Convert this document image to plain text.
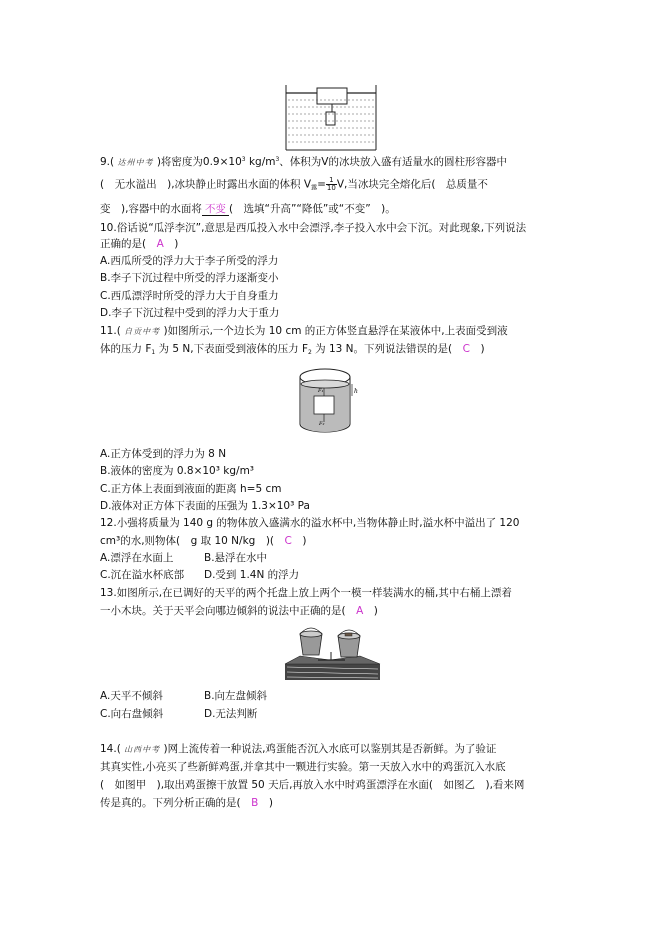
9.( 达州中考 )将密度为$0.9\times 10^3$ $kg/m^3$、体积为V的冰块放入盛有适量水的圆柱形容器中
(　无水溢出　),冰块静止时露出水面的体积 $V_露= \frac{1}{10} V$,当冰块完全熔化后(　总质量不
变　),容器中的水面将 不变 (　选填“升高”“降低”或“不变”　)。
10.俗话说“瓜浮李沉”,意思是西瓜投入水中会漂浮,李子投入水中会下沉。对此现象,下列说法
正确的是(　A　)
A.西瓜所受的浮力大于李子所受的浮力
B.李子下沉过程中所受的浮力逐渐变小
C.西瓜漂浮时所受的浮力大于自身重力
D.李子下沉过程中受到的浮力大于重力
11.( 自贡中考 )如图所示,一个边长为 10 cm 的正方体竖直悬浮在某液体中,上表面受到液
体的压力 $F_1$ 为 5 N,下表面受到液体的压力 $F_2$ 为 13 N。下列说法错误的是(　C　)
F₁
F₂
h
A.正方体受到的浮力为 8 N
B.液体的密度为 0.8×10³ kg/m³
C.正方体上表面到液面的距离 h=5 cm
D.液体对正方体下表面的压强为 1.3×10³ Pa
12.小强将质量为 140 g 的物体放入盛满水的溢水杯中,当物体静止时,溢水杯中溢出了 120
cm³的水,则物体(　g 取 10 N/kg　)(　C　)
A.漂浮在水面上	B.悬浮在水中
C.沉在溢水杯底部 D.受到 1.4N 的浮力
13.如图所示,在已调好的天平的两个托盘上放上两个一模一样装满水的桶,其中右桶上漂着
一小木块。关于天平会向哪边倾斜的说法中正确的是(　A　)
A.天平不倾斜	B.向左盘倾斜
C.向右盘倾斜	D.无法判断
14.( 山西中考 )网上流传着一种说法,鸡蛋能否沉入水底可以鉴别其是否新鲜。为了验证
其真实性,小亮买了些新鲜鸡蛋,并拿其中一颗进行实验。第一天放入水中的鸡蛋沉入水底
(　如图甲　),取出鸡蛋擦干放置 50 天后,再放入水中时鸡蛋漂浮在水面(　如图乙　),看来网
传是真的。下列分析正确的是(　B　)
